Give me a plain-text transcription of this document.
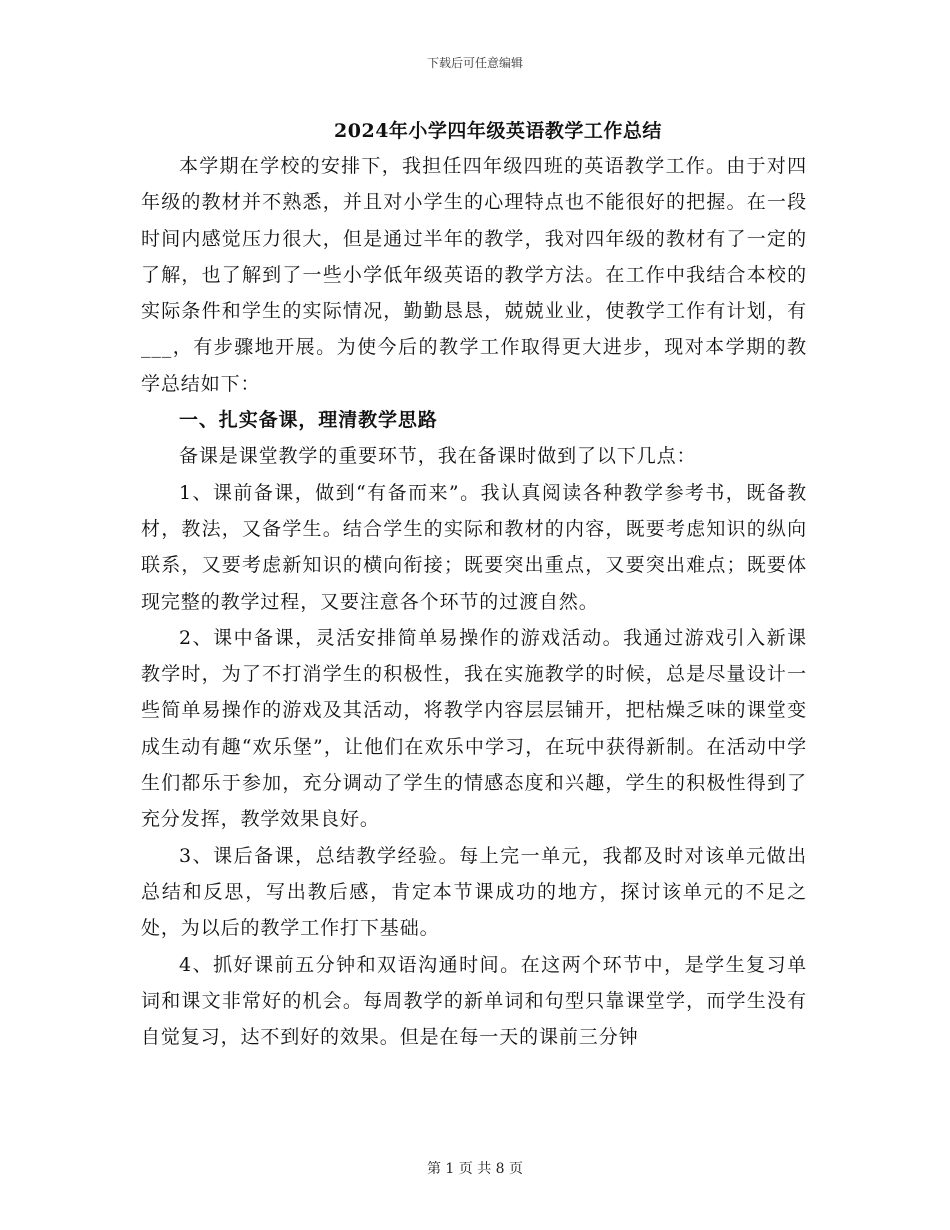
下载后可任意编辑
2024年小学四年级英语教学工作总结

本学期在学校的安排下，我担任四年级四班的英语教学工作。由于对四年级的教材并不熟悉，并且对小学生的心理特点也不能很好的把握。在一段时间内感觉压力很大，但是通过半年的教学，我对四年级的教材有了一定的了解，也了解到了一些小学低年级英语的教学方法。在工作中我结合本校的实际条件和学生的实际情况，勤勤恳恳，兢兢业业，使教学工作有计划，有___，有步骤地开展。为使今后的教学工作取得更大进步，现对本学期的教学总结如下：

一、扎实备课，理清教学思路

备课是课堂教学的重要环节，我在备课时做到了以下几点：

1、课前备课，做到“有备而来”。我认真阅读各种教学参考书，既备教材，教法，又备学生。结合学生的实际和教材的内容，既要考虑知识的纵向联系，又要考虑新知识的横向衔接；既要突出重点，又要突出难点；既要体现完整的教学过程，又要注意各个环节的过渡自然。

2、课中备课，灵活安排简单易操作的游戏活动。我通过游戏引入新课教学时，为了不打消学生的积极性，我在实施教学的时候，总是尽量设计一些简单易操作的游戏及其活动，将教学内容层层铺开，把枯燥乏味的课堂变成生动有趣“欢乐堡”，让他们在欢乐中学习，在玩中获得新制。在活动中学生们都乐于参加，充分调动了学生的情感态度和兴趣，学生的积极性得到了充分发挥，教学效果良好。

3、课后备课，总结教学经验。每上完一单元，我都及时对该单元做出总结和反思，写出教后感，肯定本节课成功的地方，探讨该单元的不足之处，为以后的教学工作打下基础。

4、抓好课前五分钟和双语沟通时间。在这两个环节中，是学生复习单词和课文非常好的机会。每周教学的新单词和句型只靠课堂学，而学生没有自觉复习，达不到好的效果。但是在每一天的课前三分钟

第 1 页 共 8 页
